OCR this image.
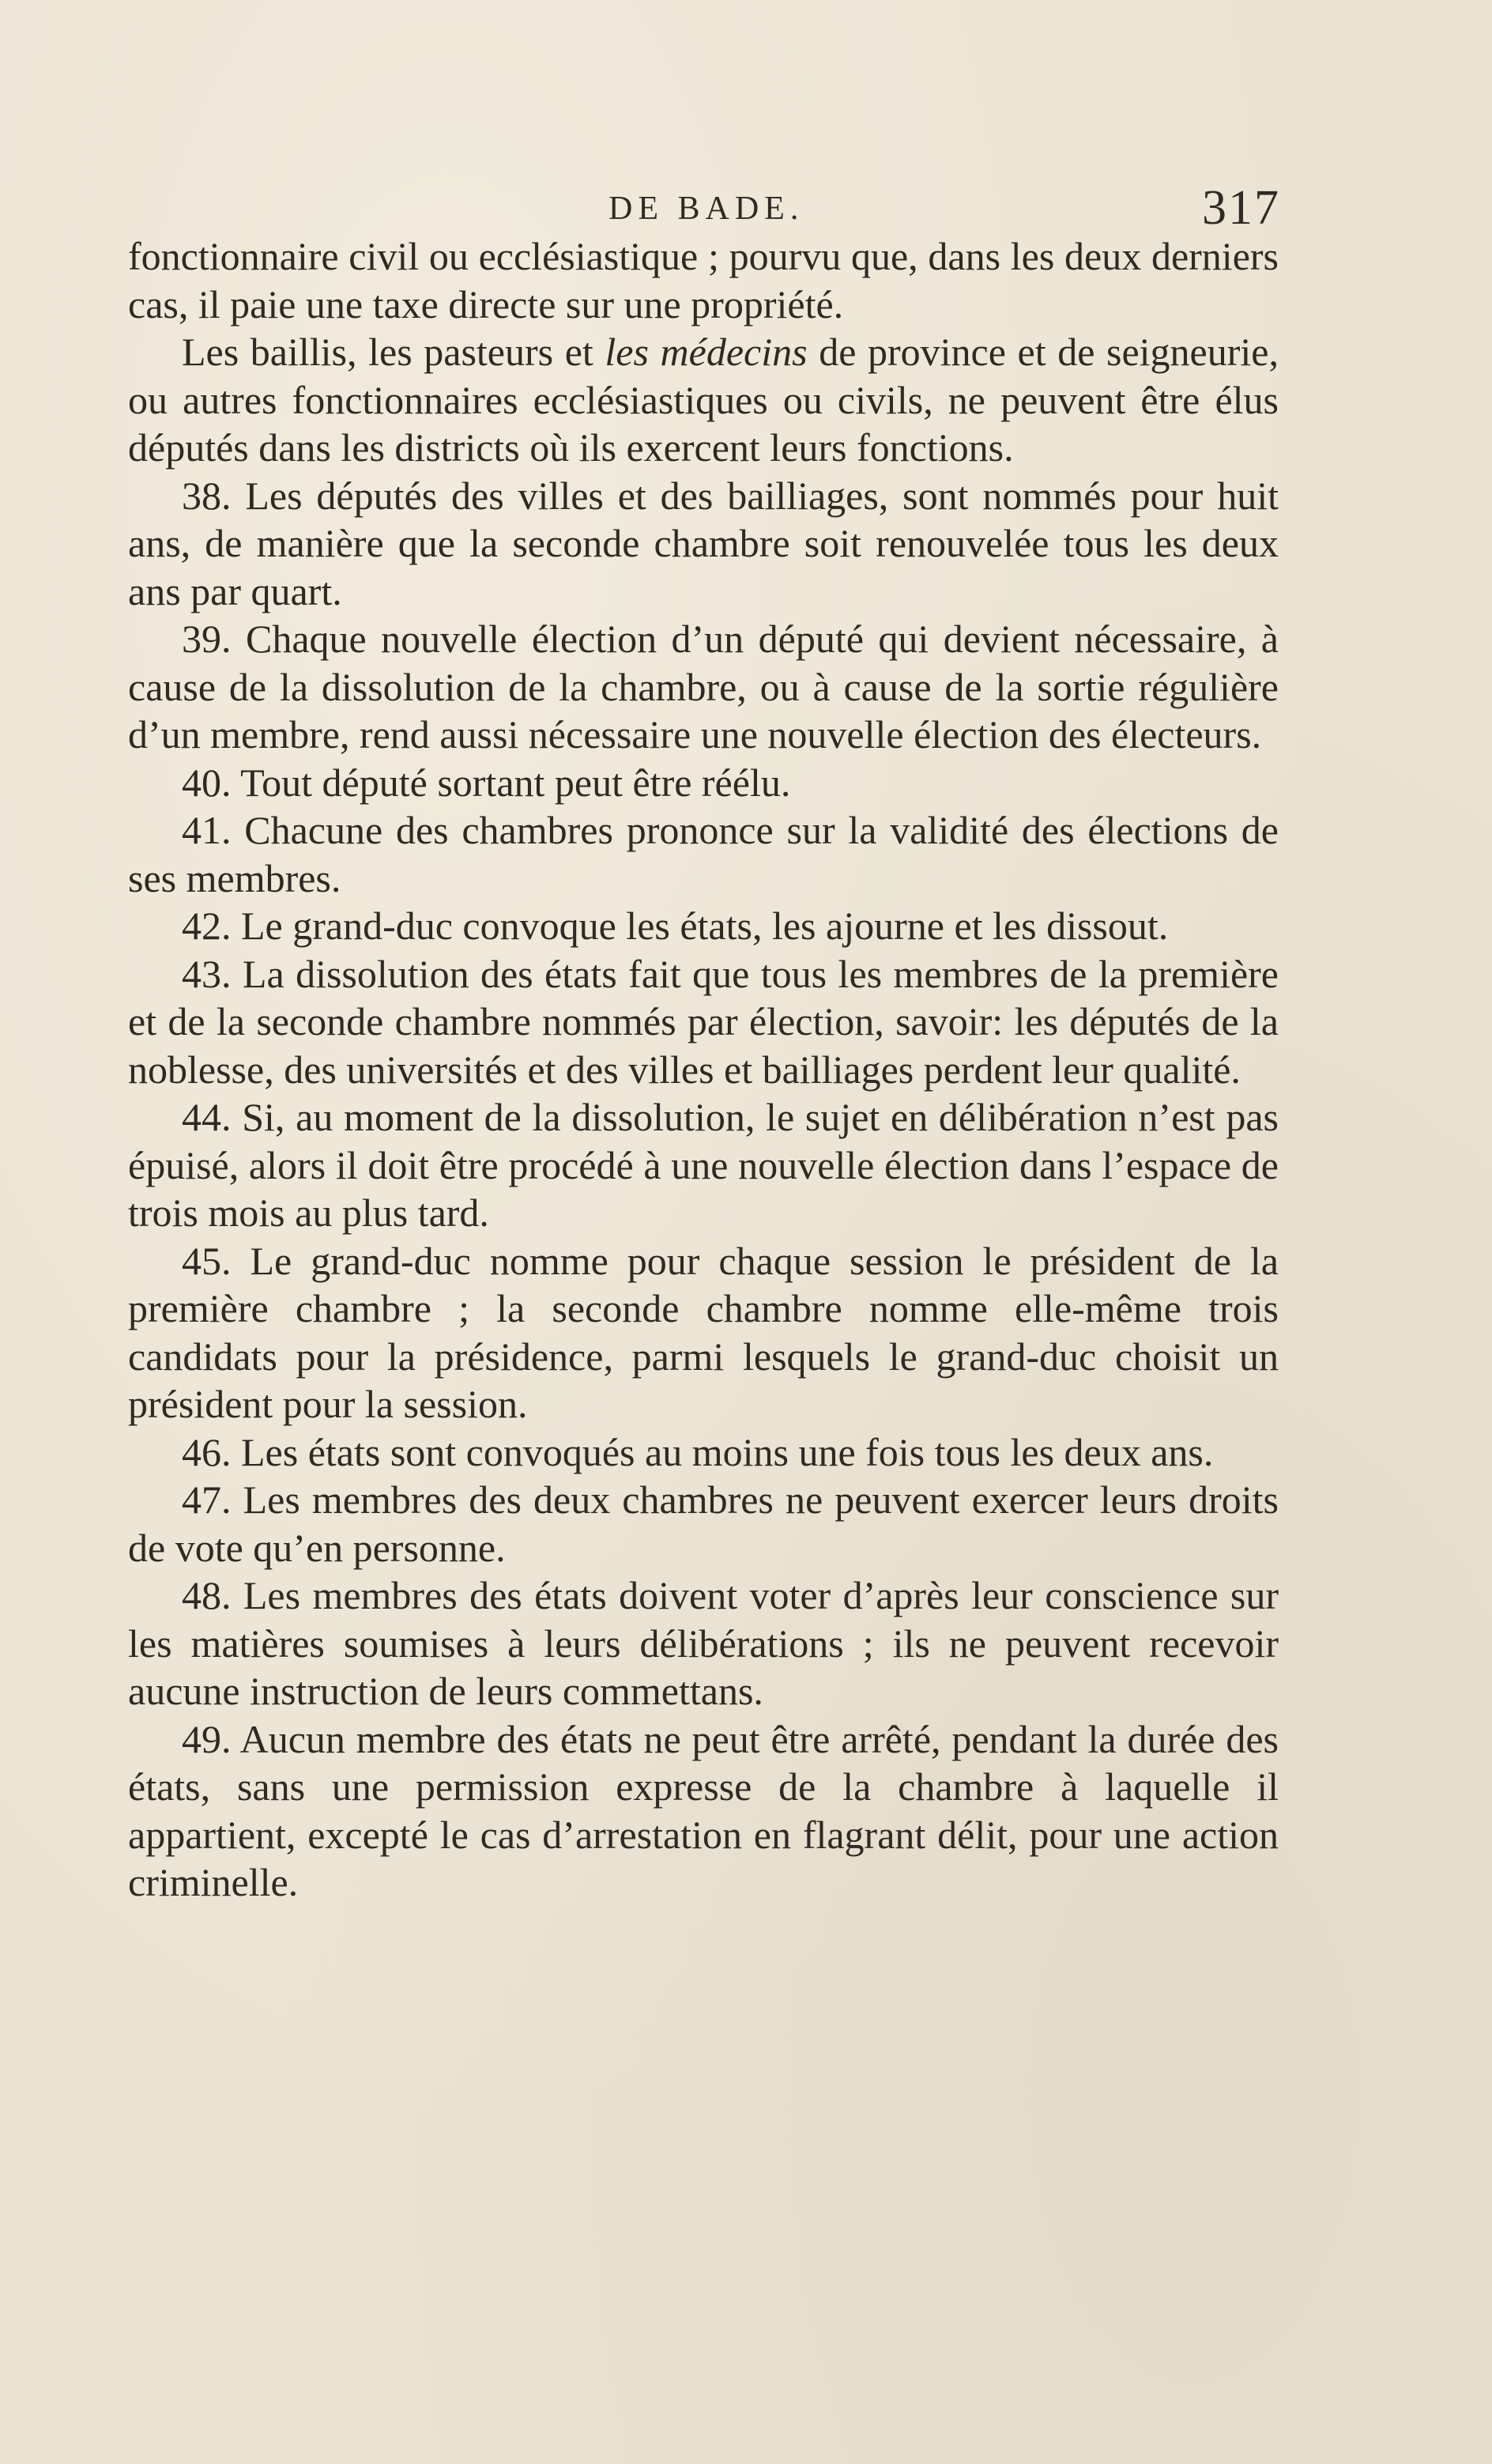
DE BADE.	317

fonctionnaire civil ou ecclésiastique ; pourvu que, dans les deux derniers cas, il paie une taxe directe sur une propriété.

Les baillis, les pasteurs et les médecins de province et de seigneurie, ou autres fonctionnaires ecclésiastiques ou civils, ne peuvent être élus députés dans les districts où ils exercent leurs fonctions.

38. Les députés des villes et des bailliages, sont nommés pour huit ans, de manière que la seconde chambre soit renouvelée tous les deux ans par quart.

39. Chaque nouvelle élection d’un député qui devient nécessaire, à cause de la dissolution de la chambre, ou à cause de la sortie régulière d’un membre, rend aussi nécessaire une nouvelle élection des électeurs.

40. Tout député sortant peut être réélu.

41. Chacune des chambres prononce sur la validité des élections de ses membres.

42. Le grand-duc convoque les états, les ajourne et les dissout.

43. La dissolution des états fait que tous les membres de la première et de la seconde chambre nommés par élection, savoir: les députés de la noblesse, des universités et des villes et bailliages perdent leur qualité.

44. Si, au moment de la dissolution, le sujet en délibération n’est pas épuisé, alors il doit être procédé à une nouvelle élection dans l’espace de trois mois au plus tard.

45. Le grand-duc nomme pour chaque session le président de la première chambre ; la seconde chambre nomme elle-même trois candidats pour la présidence, parmi lesquels le grand-duc choisit un président pour la session.

46. Les états sont convoqués au moins une fois tous les deux ans.

47. Les membres des deux chambres ne peuvent exercer leurs droits de vote qu’en personne.

48. Les membres des états doivent voter d’après leur conscience sur les matières soumises à leurs délibérations ; ils ne peuvent recevoir aucune instruction de leurs commettans.

49. Aucun membre des états ne peut être arrêté, pendant la durée des états, sans une permission expresse de la chambre à laquelle il appartient, excepté le cas d’arrestation en flagrant délit, pour une action criminelle.
